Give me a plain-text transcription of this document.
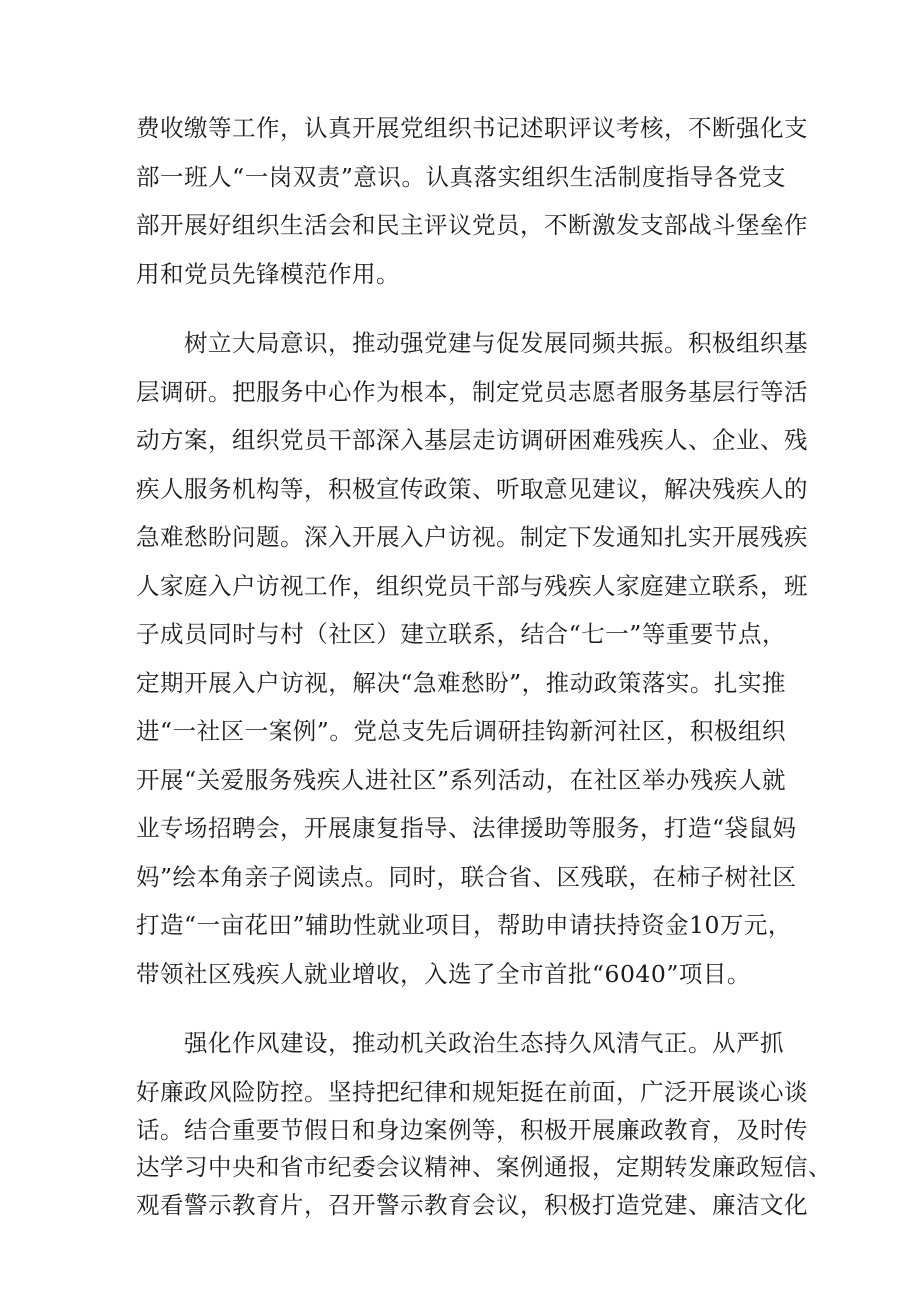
费收缴等工作，认真开展党组织书记述职评议考核，不断强化支
部一班人“一岗双责”意识。认真落实组织生活制度指导各党支
部开展好组织生活会和民主评议党员，不断激发支部战斗堡垒作
用和党员先锋模范作用。
树立大局意识，推动强党建与促发展同频共振。积极组织基
层调研。把服务中心作为根本，制定党员志愿者服务基层行等活
动方案，组织党员干部深入基层走访调研困难残疾人、企业、残
疾人服务机构等，积极宣传政策、听取意见建议，解决残疾人的
急难愁盼问题。深入开展入户访视。制定下发通知扎实开展残疾
人家庭入户访视工作，组织党员干部与残疾人家庭建立联系，班
子成员同时与村（社区）建立联系，结合“七一”等重要节点，
定期开展入户访视，解决“急难愁盼”，推动政策落实。扎实推
进“一社区一案例”。党总支先后调研挂钩新河社区，积极组织
开展“关爱服务残疾人进社区”系列活动，在社区举办残疾人就
业专场招聘会，开展康复指导、法律援助等服务，打造“袋鼠妈
妈”绘本角亲子阅读点。同时，联合省、区残联，在柿子树社区
打造“一亩花田”辅助性就业项目，帮助申请扶持资金10万元，
带领社区残疾人就业增收，入选了全市首批“6040”项目。
强化作风建设，推动机关政治生态持久风清气正。从严抓
好廉政风险防控。坚持把纪律和规矩挺在前面，广泛开展谈心谈
话。结合重要节假日和身边案例等，积极开展廉政教育，及时传
达学习中央和省市纪委会议精神、案例通报，定期转发廉政短信、
观看警示教育片，召开警示教育会议，积极打造党建、廉洁文化
